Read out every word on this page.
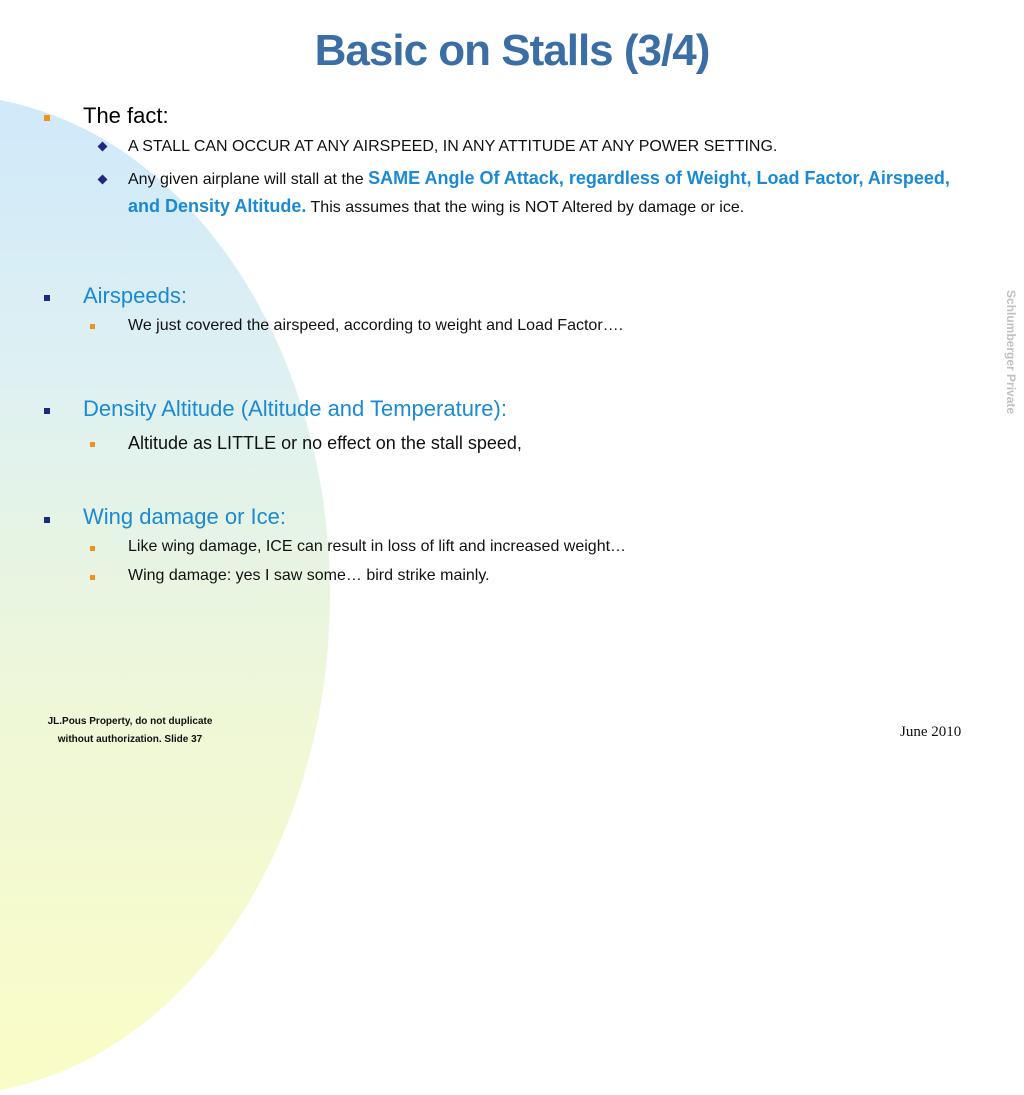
Basic on Stalls (3/4)
The fact:
A STALL CAN OCCUR AT ANY AIRSPEED, IN ANY ATTITUDE AT ANY POWER SETTING.
Any given airplane will stall at the SAME Angle Of Attack, regardless of Weight, Load Factor, Airspeed, and Density Altitude. This assumes that the wing is NOT Altered by damage or ice.
Airspeeds:
We just covered the airspeed, according to weight and Load Factor….
Density Altitude (Altitude and Temperature):
Altitude as LITTLE or no effect on the stall speed,
Wing damage or Ice:
Like wing damage, ICE can result in loss of lift and increased weight…
Wing damage: yes I saw some… bird strike mainly.
Schlumberger Private
JL.Pous Property, do not duplicate
without authorization. Slide 37	June 2010
